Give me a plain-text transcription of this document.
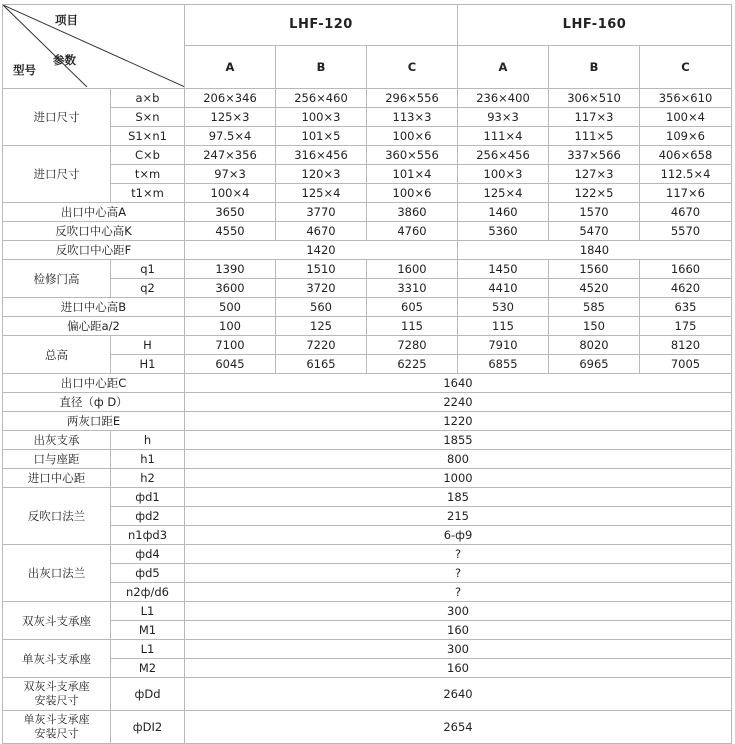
项目
参数
型号		LHF-120			LHF-160		
		A	B	C	A	B	C
进口尺寸	a×b	206×346	256×460	296×556	236×400	306×510	356×610
	S×n	125×3	100×3	113×3	93×3	117×3	100×4
	S1×n1	97.5×4	101×5	100×6	111×4	111×5	109×6
进口尺寸	C×b	247×356	316×456	360×556	256×456	337×566	406×658
	t×m	97×3	120×3	101×4	100×3	127×3	112.5×4
	t1×m	100×4	125×4	100×6	125×4	122×5	117×6
出口中心高A		3650	3770	3860	1460	1570	4670
反吹口中心高K		4550	4670	4760	5360	5470	5570
反吹口中心距F		1420			1840		
检修门高	q1	1390	1510	1600	1450	1560	1660
	q2	3600	3720	3310	4410	4520	4620
进口中心高B		500	560	605	530	585	635
偏心距a/2		100	125	115	115	150	175
总高	H	7100	7220	7280	7910	8020	8120
	H1	6045	6165	6225	6855	6965	7005
出口中心距C		1640					
直径（ф D）		2240					
两灰口距E		1220					
出灰支承	h	1855					
口与座距	h1	800					
进口中心距	h2	1000					
反吹口法兰	фd1	185					
	фd2	215					
	n1фd3	6-ф9					
出灰口法兰	фd4	?					
	фd5	?					
	n2ф/d6	?					
双灰斗支承座	L1	300					
	M1	160					
单灰斗支承座	L1	300					
	M2	160					
双灰斗支承座
安装尺寸	фDd	2640					
单灰斗支承座
安装尺寸	фDI2	2654					
